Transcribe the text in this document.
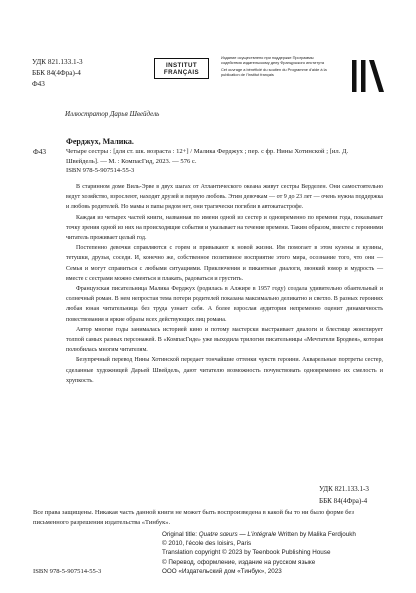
УДК 821.133.1-3
ББК 84(4Фра)-4
Ф43
INSTITUT
FRANÇAIS
Издание осуществлено при поддержке Программы содействия издательскому делу Французского института
Cet ouvrage a bénéficié du soutien du Programme d'aide à la publication de l'Institut français
Иллюстратор Дарья Швейдель
Ферджух, Малика.
Ф43	Четыре сестры : [для ст. шк. возраста : 12+] / Малика Ферджух ; пер. с фр. Нины Хотинской ; [ил. Д. Швейдель]. — М. : КомпасГид, 2023. — 576 с.
ISBN 978-5-907514-55-3

В старинном доме Виль-Эрве в двух шагах от Атлантического океана живут сестры Верделен. Они самостоятельно ведут хозяйство, взрослеют, находят друзей и первую любовь. Этим девочкам — от 9 до 23 лет — очень нужна поддержка и любовь родителей. Но мамы и папы рядом нет, они трагически погибли в автокатастрофе.

Каждая из четырех частей книги, названная по имени одной из сестер и одновременно по времени года, показывает точку зрения одной из них на происходящие события и указывает на течение времени. Таким образом, вместе с героинями читатель проживает целый год.

Постепенно девочки справляются с горем и привыкают к новой жизни. Им помогает в этом кузены и кузины, тетушки, друзья, соседи. И, конечно же, собственное позитивное восприятие этого мира, осознание того, что они — Семья и могут справиться с любыми ситуациями. Приключения и пикантные диалоги, звонкий юмор и мудрость — вместе с сестрами можно смеяться и плакать, радоваться и грустить.

Французская писательница Малика Ферджух (родилась в Алжире в 1957 году) создала удивительно обаятельный и солнечный роман. В нем непростая тема потери родителей показана максимально деликатно и светло. В разных героинях любая юная читательница без труда узнает себя. А более взрослая аудитория непременно оценит динамичность повествования и яркие образы всех действующих лиц романа.

Автор многие годы занималась историей кино и потому мастерски выстраивает диалоги и блестяще жонглирует толпой самых разных персонажей. В «КомпасГиде» уже выходила трилогия писательницы «Мечтатели Бродвея», которая полюбилась многим читателям.

Безупречный перевод Нины Хотинской передает тончайшие оттенки чувств героини. Акварельные портреты сестер, сделанные художницей Дарьей Швейдель, дают читателю возможность почувствовать одновременно их смелость и хрупкость.

УДК 821.133.1-3
ББК 84(4Фра)-4
Все права защищены. Никакая часть данной книги не может быть воспроизведена в какой бы то ни было форме без письменного разрешения издательства «Тинбук».
ISBN 978-5-907514-55-3
Original title: Quatre sœurs — L'intégrale Written by Malika Ferdjoukh
© 2010, l'école des loisirs, Paris
Translation copyright © 2023 by Teenbook Publishing House
© Перевод, оформление, издание на русском языке
ООО «Издательский дом «Тинбук», 2023
